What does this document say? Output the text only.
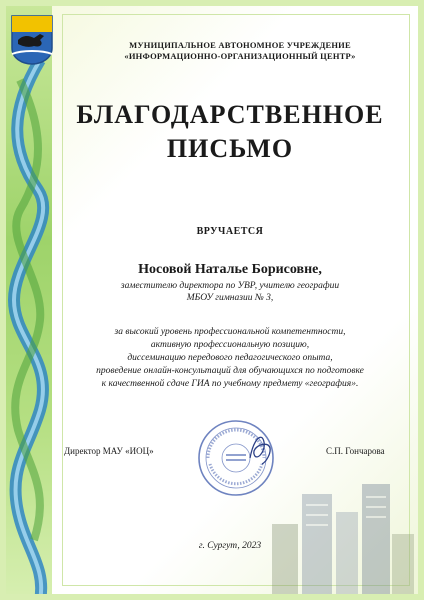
МУНИЦИПАЛЬНОЕ АВТОНОМНОЕ УЧРЕЖДЕНИЕ
«ИНФОРМАЦИОННО-ОРГАНИЗАЦИОННЫЙ ЦЕНТР»
БЛАГОДАРСТВЕННОЕ
ПИСЬМО
ВРУЧАЕТСЯ
Носовой Наталье Борисовне,
заместителю директора по УВР, учителю географии
МБОУ гимназии № 3,
за высокий уровень профессиональной компетентности,
активную профессиональную позицию,
диссеминацию передового педагогического опыта,
проведение онлайн-консультаций для обучающихся по подготовке
к качественной сдаче ГИА по учебному предмету «география».
Директор МАУ «ИОЦ»	С.П. Гончарова
г. Сургут, 2023
